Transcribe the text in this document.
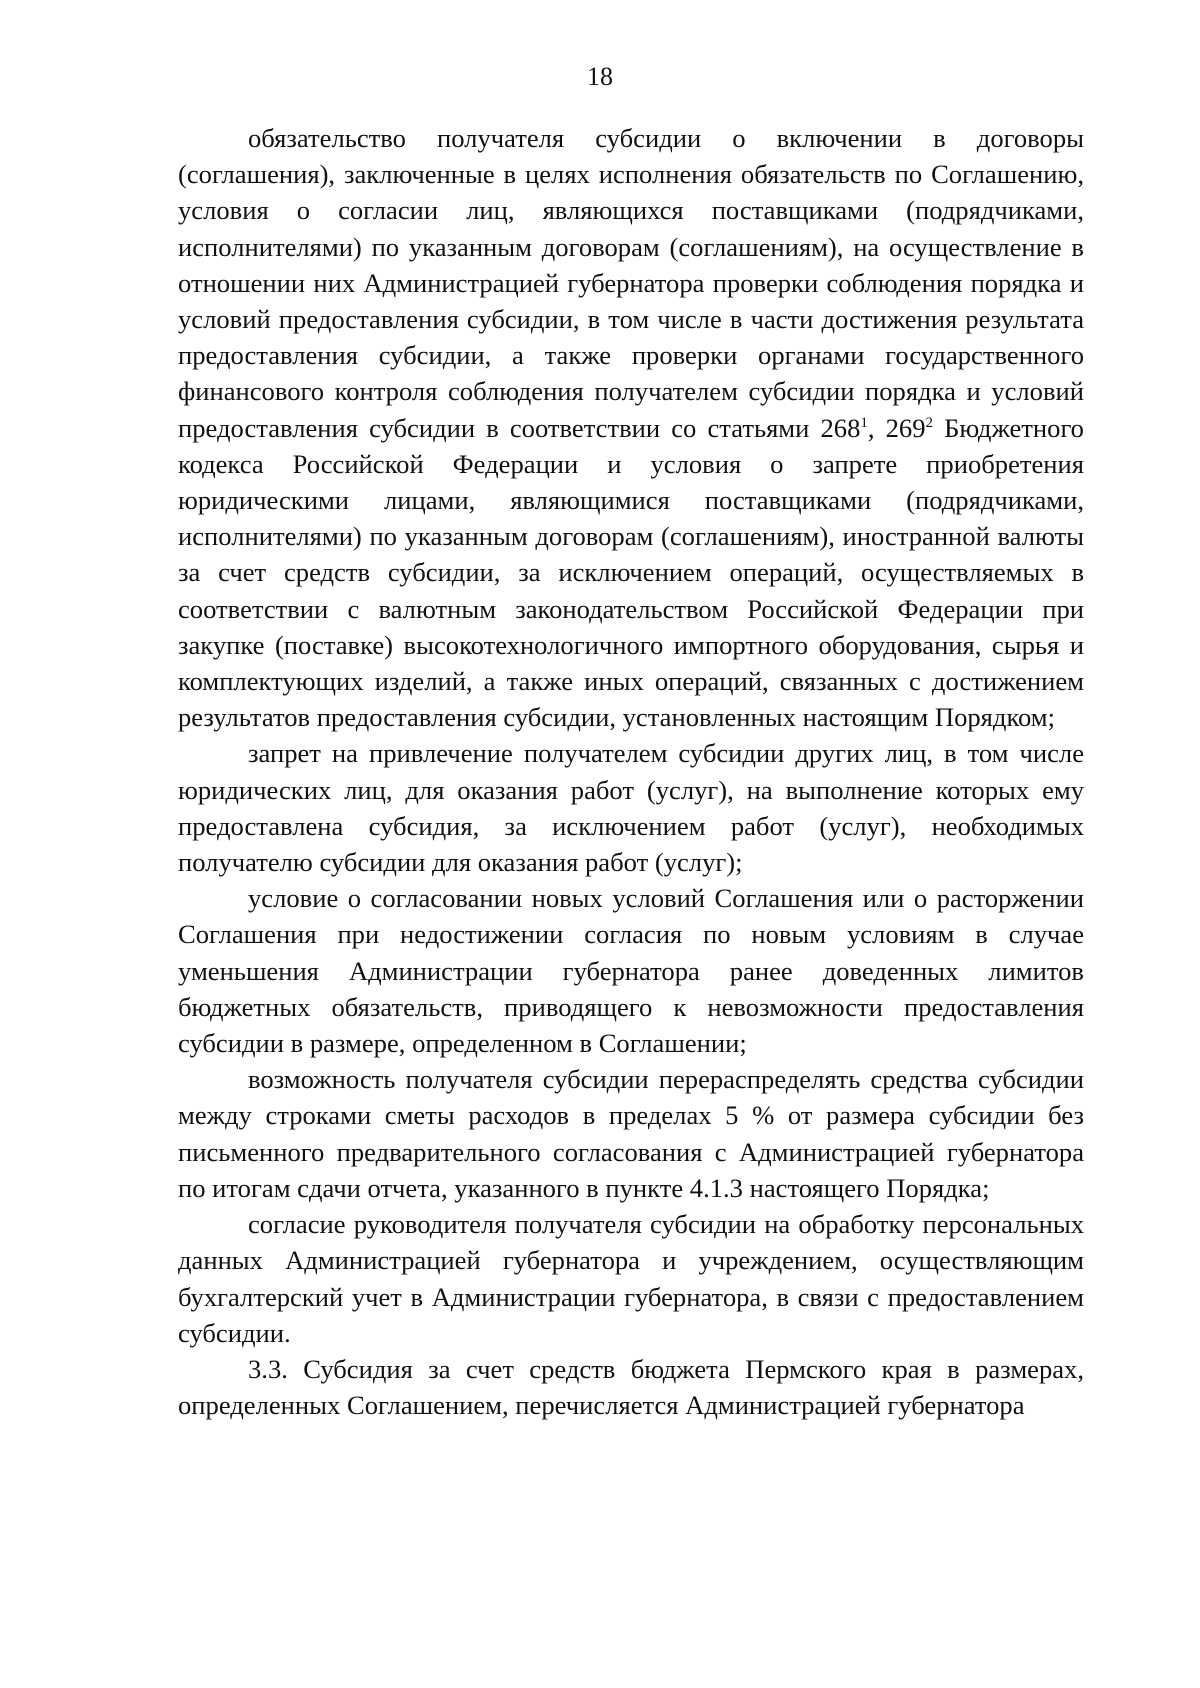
18

обязательство получателя субсидии о включении в договоры (соглашения), заключенные в целях исполнения обязательств по Соглашению, условия о согласии лиц, являющихся поставщиками (подрядчиками, исполнителями) по указанным договорам (соглашениям), на осуществление в отношении них Администрацией губернатора проверки соблюдения порядка и условий предоставления субсидии, в том числе в части достижения результата предоставления субсидии, а также проверки органами государственного финансового контроля соблюдения получателем субсидии порядка и условий предоставления субсидии в соответствии со статьями $268^1$, $269^2$ Бюджетного кодекса Российской Федерации и условия о запрете приобретения юридическими лицами, являющимися поставщиками (подрядчиками, исполнителями) по указанным договорам (соглашениям), иностранной валюты за счет средств субсидии, за исключением операций, осуществляемых в соответствии с валютным законодательством Российской Федерации при закупке (поставке) высокотехнологичного импортного оборудования, сырья и комплектующих изделий, а также иных операций, связанных с достижением результатов предоставления субсидии, установленных настоящим Порядком;

запрет на привлечение получателем субсидии других лиц, в том числе юридических лиц, для оказания работ (услуг), на выполнение которых ему предоставлена субсидия, за исключением работ (услуг), необходимых получателю субсидии для оказания работ (услуг);

условие о согласовании новых условий Соглашения или о расторжении Соглашения при недостижении согласия по новым условиям в случае уменьшения Администрации губернатора ранее доведенных лимитов бюджетных обязательств, приводящего к невозможности предоставления субсидии в размере, определенном в Соглашении;

возможность получателя субсидии перераспределять средства субсидии между строками сметы расходов в пределах 5 % от размера субсидии без письменного предварительного согласования с Администрацией губернатора по итогам сдачи отчета, указанного в пункте 4.1.3 настоящего Порядка;

согласие руководителя получателя субсидии на обработку персональных данных Администрацией губернатора и учреждением, осуществляющим бухгалтерский учет в Администрации губернатора, в связи с предоставлением субсидии.

3.3. Субсидия за счет средств бюджета Пермского края в размерах, определенных Соглашением, перечисляется Администрацией губернатора
